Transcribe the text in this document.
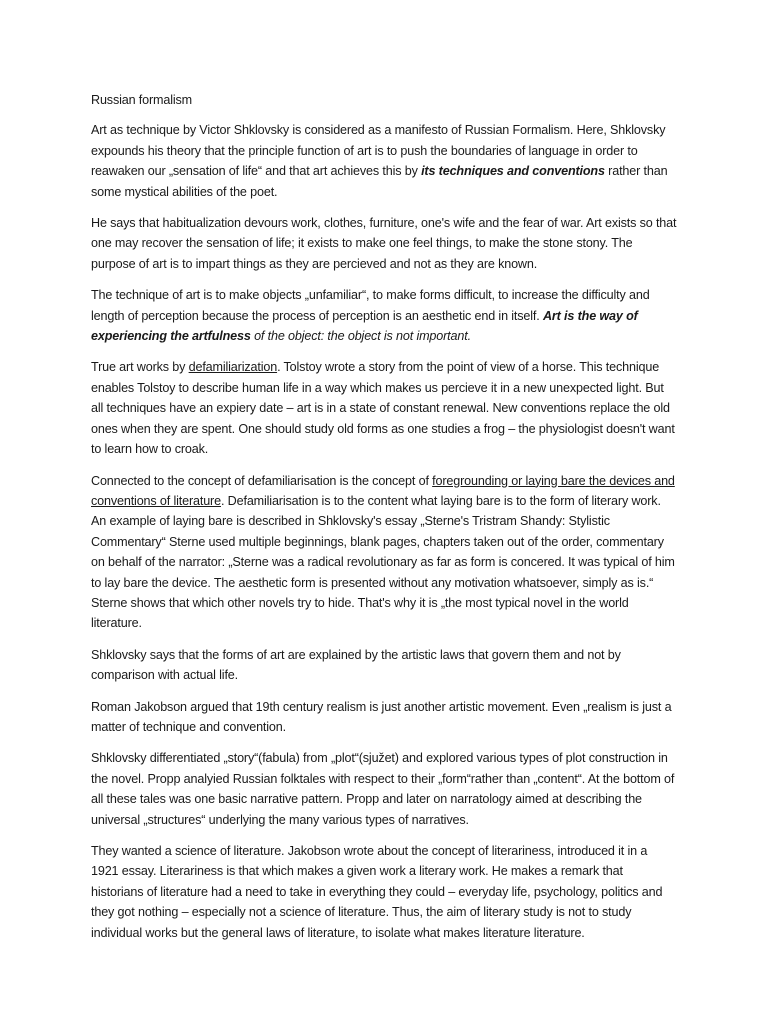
Russian formalism

Art as technique by Victor Shklovsky is considered as a manifesto of Russian Formalism. Here, Shklovsky expounds his theory that the principle function of art is to push the boundaries of language in order to reawaken our „sensation of life“ and that art achieves this by its techniques and conventions rather than some mystical abilities of the poet.

He says that habitualization devours work, clothes, furniture, one's wife and the fear of war. Art exists so that one may recover the sensation of life; it exists to make one feel things, to make the stone stony. The purpose of art is to impart things as they are percieved and not as they are known.

The technique of art is to make objects „unfamiliar“, to make forms difficult, to increase the difficulty and length of perception because the process of perception is an aesthetic end in itself. Art is the way of experiencing the artfulness of the object: the object is not important.

True art works by defamiliarization. Tolstoy wrote a story from the point of view of a horse. This technique enables Tolstoy to describe human life in a way which makes us percieve it in a new unexpected light. But all techniques have an expiery date – art is in a state of constant renewal. New conventions replace the old ones when they are spent. One should study old forms as one studies a frog – the physiologist doesn't want to learn how to croak.

Connected to the concept of defamiliarisation is the concept of foregrounding or laying bare the devices and conventions of literature. Defamiliarisation is to the content what laying bare is to the form of literary work. An example of laying bare is described in Shklovsky's essay „Sterne's Tristram Shandy: Stylistic Commentary“ Sterne used multiple beginnings, blank pages, chapters taken out of the order, commentary on behalf of the narrator: „Sterne was a radical revolutionary as far as form is concered. It was typical of him to lay bare the device. The aesthetic form is presented without any motivation whatsoever, simply as is.“ Sterne shows that which other novels try to hide. That's why it is „the most typical novel in the world literature.

Shklovsky says that the forms of art are explained by the artistic laws that govern them and not by comparison with actual life.

Roman Jakobson argued that 19th century realism is just another artistic movement. Even „realism is just a matter of technique and convention.

Shklovsky differentiated „story“(fabula) from „plot“(sjužet) and explored various types of plot construction in the novel. Propp analyied Russian folktales with respect to their „form“rather than „content“. At the bottom of all these tales was one basic narrative pattern. Propp and later on narratology aimed at describing the universal „structures“ underlying the many various types of narratives.

They wanted a science of literature. Jakobson wrote about the concept of literariness, introduced it in a 1921 essay. Literariness is that which makes a given work a literary work. He makes a remark that historians of literature had a need to take in everything they could – everyday life, psychology, politics and they got nothing – especially not a science of literature. Thus, the aim of literary study is not to study individual works but the general laws of literature, to isolate what makes literature literature.
